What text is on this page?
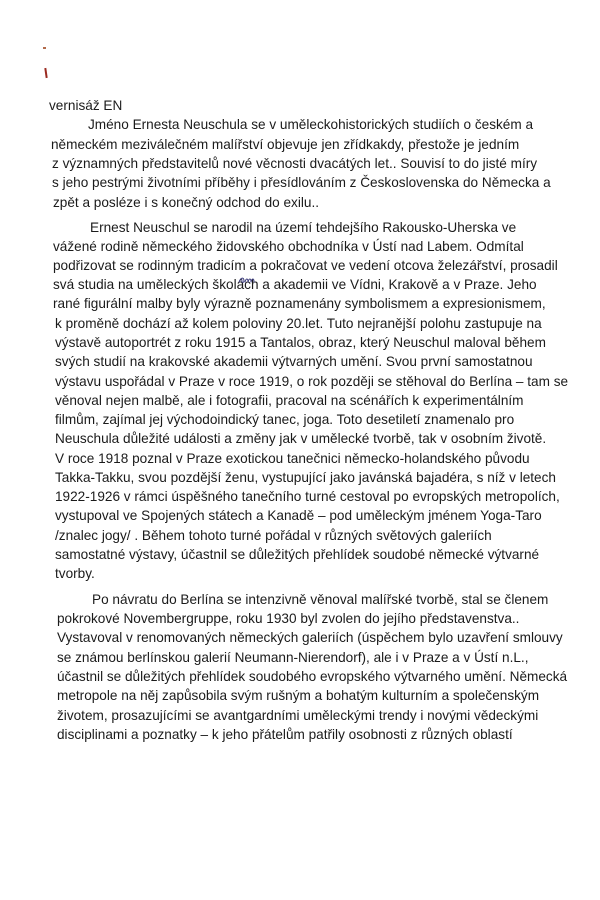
vernisáž EN
Jméno Ernesta Neuschula se v uměleckohistorických studiích o českém a
německém meziválečném malířství objevuje jen zřídkakdy, přestože je jedním
z významných představitelů nové věcnosti dvacátých let.. Souvisí to do jisté míry
s jeho pestrými životními příběhy i přesídlováním z Československa do Německa a
zpět a posléze i s konečný odchod do exilu..
Ernest Neuschul se narodil na území tehdejšího Rakousko-Uherska ve
vážené rodině německého židovského obchodníka v Ústí nad Labem. Odmítal
podřizovat se rodinným tradicím a pokračovat ve vedení otcova železářství, prosadil
svá studia na uměleckých školách a akademii ve Vídni, Krakově a v Praze. Jeho
rané figurální malby byly výrazně poznamenány symbolismem a expresionismem,
k proměně dochází až kolem poloviny 20.let. Tuto nejranější polohu zastupuje na
výstavě autoportrét z roku 1915 a Tantalos, obraz, který Neuschul maloval během
svých studií na krakovské akademii výtvarných umění. Svou první samostatnou
výstavu uspořádal v Praze v roce 1919, o rok později se stěhoval do Berlína – tam se
věnoval nejen malbě, ale i fotografii, pracoval na scénářích k experimentálním
filmům, zajímal jej východoindický tanec, joga. Toto desetiletí znamenalo pro
Neuschula důležité události a změny jak v umělecké tvorbě, tak v osobním životě.
V roce 1918 poznal v Praze exotickou tanečnici německo-holandského původu
Takka-Takku, svou pozdější ženu, vystupující jako javánská bajadéra, s níž v letech
1922-1926 v rámci úspěšného tanečního turné cestoval po evropských metropolích,
vystupoval ve Spojených státech a Kanadě – pod uměleckým jménem Yoga-Taro
/znalec jogy/ . Během tohoto turné pořádal v různých světových galeriích
samostatné výstavy, účastnil se důležitých přehlídek soudobé německé výtvarné
tvorby.
Po návratu do Berlína se intenzivně věnoval malířské tvorbě, stal se členem
pokrokové Novembergruppe, roku 1930 byl zvolen do jejího představenstva..
Vystavoval v renomovaných německých galeriích (úspěchem bylo uzavření smlouvy
se známou berlínskou galerií Neumann-Nierendorf), ale i v Praze a v Ústí n.L.,
účastnil se důležitých přehlídek soudobého evropského výtvarného umění. Německá
metropole na něj zapůsobila svým rušným a bohatým kulturním a společenským
životem, prosazujícími se avantgardními uměleckými trendy i novými vědeckými
disciplinami a poznatky – k jeho přátelům patřily osobnosti z různých oblastí
